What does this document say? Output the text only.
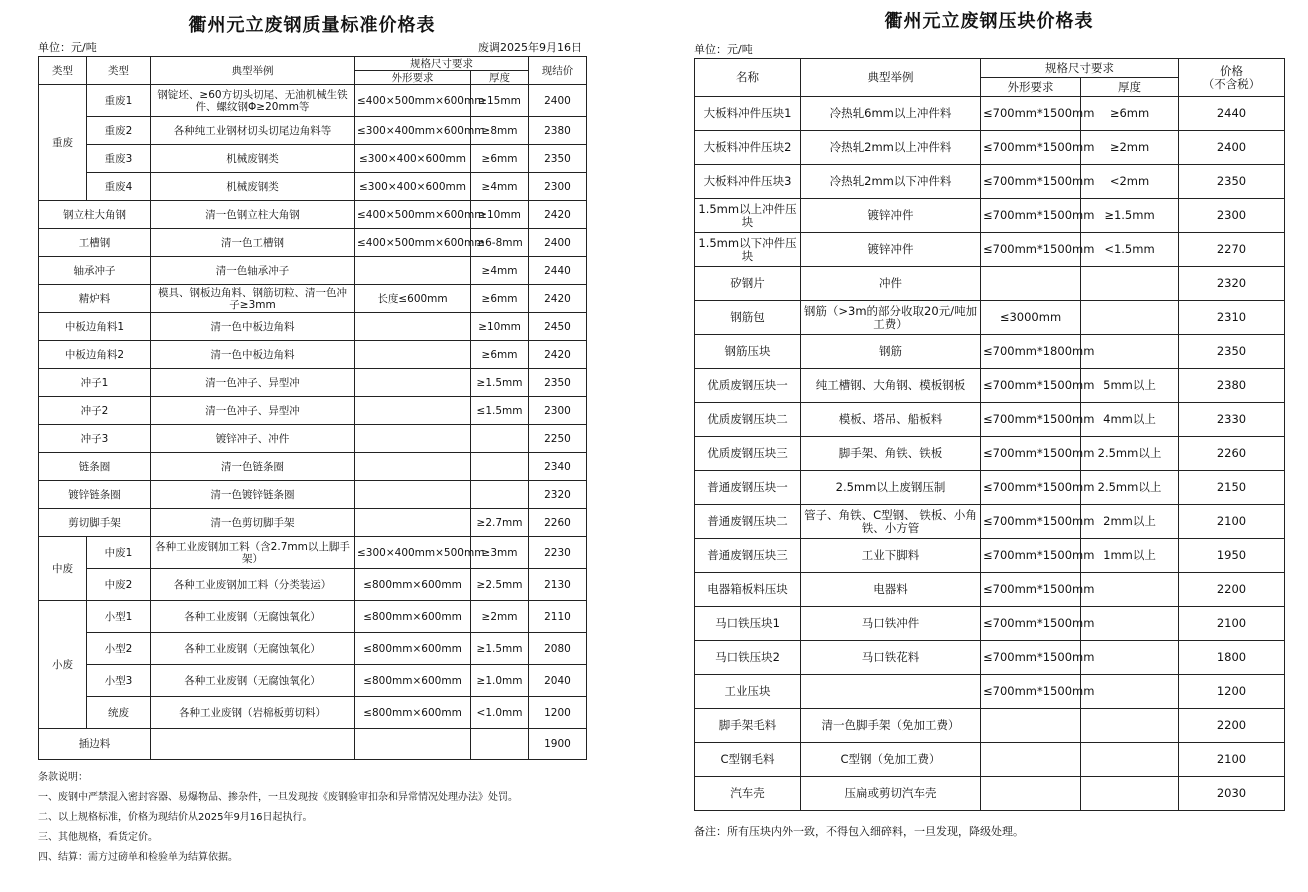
衢州元立废钢质量标准价格表
单位：元/吨	废调2025年9月16日
类型	类型	典型举例	规格尺寸要求		现结价
			外形要求	厚度	
重废	重废1	钢锭坯、≥60方切头切尾、无油机械生铁件、螺纹钢Φ≥20mm等	≤400×500mm×600mm	≥15mm	2400
	重废2	各种纯工业钢材切头切尾边角料等	≤300×400mm×600mm	≥8mm	2380
	重废3	机械废钢类	≤300×400×600mm	≥6mm	2350
	重废4	机械废钢类	≤300×400×600mm	≥4mm	2300
钢立柱大角钢		清一色钢立柱大角钢	≤400×500mm×600mm	≥10mm	2420
工槽钢		清一色工槽钢	≤400×500mm×600mm	≥6-8mm	2400
轴承冲子		清一色轴承冲子		≥4mm	2440
精炉料		模具、钢板边角料、钢筋切粒、清一色冲子≥3mm	长度≤600mm	≥6mm	2420
中板边角料1		清一色中板边角料		≥10mm	2450
中板边角料2		清一色中板边角料		≥6mm	2420
冲子1		清一色冲子、异型冲		≥1.5mm	2350
冲子2		清一色冲子、异型冲		≤1.5mm	2300
冲子3		镀锌冲子、冲件			2250
链条圈		清一色链条圈			2340
镀锌链条圈		清一色镀锌链条圈			2320
剪切脚手架		清一色剪切脚手架		≥2.7mm	2260
中废	中废1	各种工业废钢加工料（含2.7mm以上脚手架）	≤300×400mm×500mm	≥3mm	2230
	中废2	各种工业废钢加工料（分类装运）	≤800mm×600mm	≥2.5mm	2130
小废	小型1	各种工业废钢（无腐蚀氧化）	≤800mm×600mm	≥2mm	2110
	小型2	各种工业废钢（无腐蚀氧化）	≤800mm×600mm	≥1.5mm	2080
	小型3	各种工业废钢（无腐蚀氧化）	≤800mm×600mm	≥1.0mm	2040
	统废	各种工业废钢（岩棉板剪切料）	≤800mm×600mm	<1.0mm	1200
插边料					1900
条款说明：
一、废钢中严禁混入密封容器、易爆物品、掺杂件，一旦发现按《废钢验审扣杂和异常情况处理办法》处罚。
二、以上规格标准，价格为现结价从2025年9月16日起执行。
三、其他规格，看货定价。
四、结算：需方过磅单和检验单为结算依据。
衢州元立废钢压块价格表
单位：元/吨
名称	典型举例	规格尺寸要求		价格
（不含税）
		外形要求	厚度	
大板料冲件压块1	冷热轧6mm以上冲件料	≤700mm*1500mm	≥6mm	2440
大板料冲件压块2	冷热轧2mm以上冲件料	≤700mm*1500mm	≥2mm	2400
大板料冲件压块3	冷热轧2mm以下冲件料	≤700mm*1500mm	<2mm	2350
1.5mm以上冲件压块	镀锌冲件	≤700mm*1500mm	≥1.5mm	2300
1.5mm以下冲件压块	镀锌冲件	≤700mm*1500mm	<1.5mm	2270
矽钢片	冲件			2320
钢筋包	钢筋（>3m的部分收取20元/吨加工费）	≤3000mm		2310
钢筋压块	钢筋	≤700mm*1800mm		2350
优质废钢压块一	纯工槽钢、大角钢、模板钢板	≤700mm*1500mm	5mm以上	2380
优质废钢压块二	模板、塔吊、船板料	≤700mm*1500mm	4mm以上	2330
优质废钢压块三	脚手架、角铁、铁板	≤700mm*1500mm	2.5mm以上	2260
普通废钢压块一	2.5mm以上废钢压制	≤700mm*1500mm	2.5mm以上	2150
普通废钢压块二	管子、角铁、C型钢、 铁板、小角铁、小方管	≤700mm*1500mm	2mm以上	2100
普通废钢压块三	工业下脚料	≤700mm*1500mm	1mm以上	1950
电器箱板料压块	电器料	≤700mm*1500mm		2200
马口铁压块1	马口铁冲件	≤700mm*1500mm		2100
马口铁压块2	马口铁花料	≤700mm*1500mm		1800
工业压块		≤700mm*1500mm		1200
脚手架毛料	清一色脚手架（免加工费）			2200
C型钢毛料	C型钢（免加工费）			2100
汽车壳	压扁或剪切汽车壳			2030
备注：所有压块内外一致，不得包入细碎料，一旦发现，降级处理。
